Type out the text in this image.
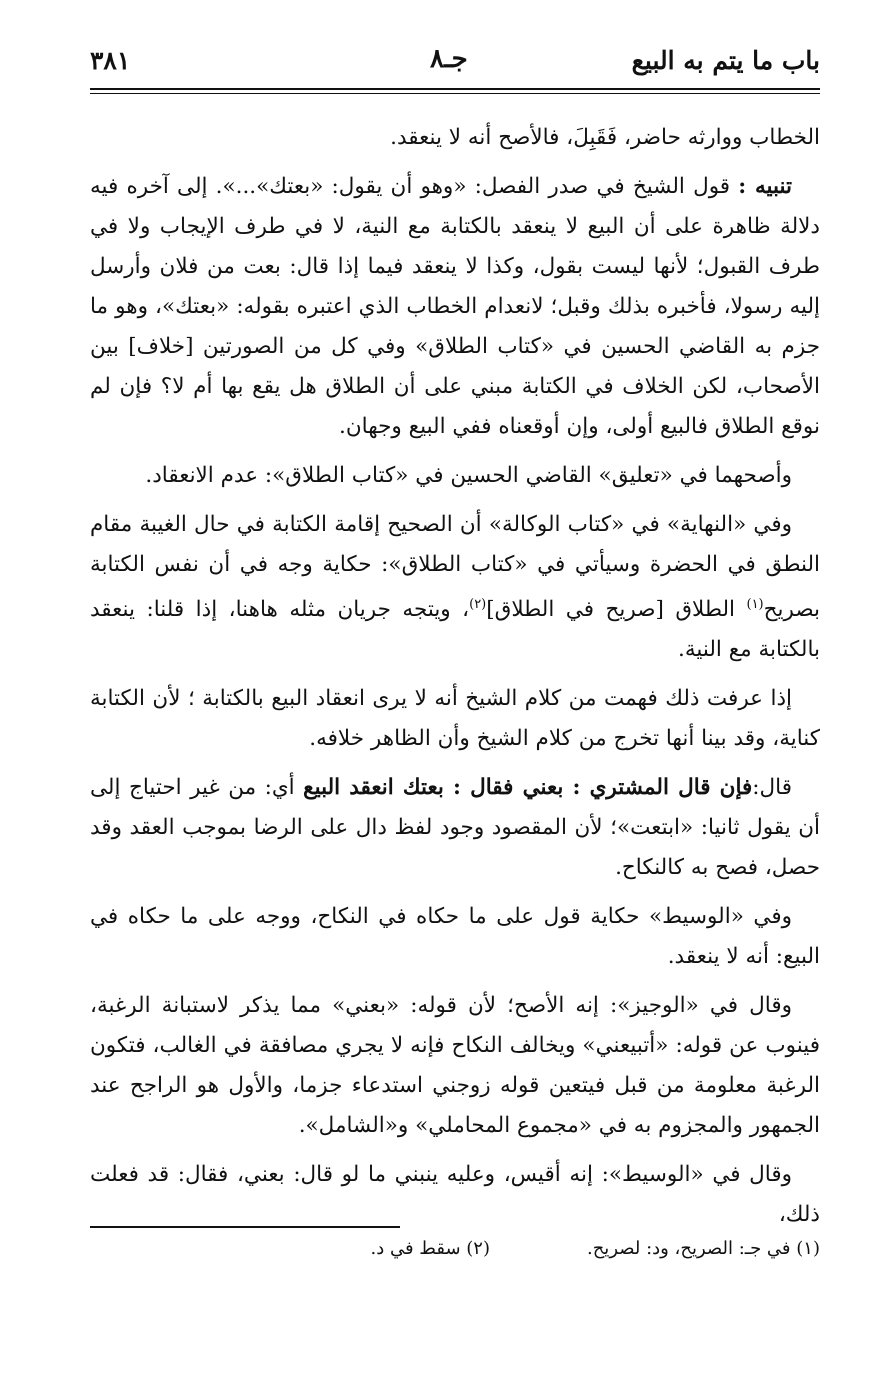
باب ما يتم به البيع
جـ٨
٣٨١

الخطاب ووارثه حاضر، فَقَبِلَ، فالأصح أنه لا ينعقد.

تنبيه : قول الشيخ في صدر الفصل: «وهو أن يقول: «بعتك»...». إلى آخره فيه دلالة ظاهرة على أن البيع لا ينعقد بالكتابة مع النية، لا في طرف الإيجاب ولا في طرف القبول؛ لأنها ليست بقول، وكذا لا ينعقد فيما إذا قال: بعت من فلان وأرسل إليه رسولا، فأخبره بذلك وقبل؛ لانعدام الخطاب الذي اعتبره بقوله: «بعتك»، وهو ما جزم به القاضي الحسين في «كتاب الطلاق» وفي كل من الصورتين [خلاف] بين الأصحاب، لكن الخلاف في الكتابة مبني على أن الطلاق هل يقع بها أم لا؟ فإن لم نوقع الطلاق فالبيع أولى، وإن أوقعناه ففي البيع وجهان.

وأصحهما في «تعليق» القاضي الحسين في «كتاب الطلاق»: عدم الانعقاد.

وفي «النهاية» في «كتاب الوكالة» أن الصحيح إقامة الكتابة في حال الغيبة مقام النطق في الحضرة وسيأتي في «كتاب الطلاق»: حكاية وجه في أن نفس الكتابة بصريح$^{(١)}$ الطلاق [صريح في الطلاق]$^{(٢)}$، ويتجه جريان مثله هاهنا، إذا قلنا: ينعقد بالكتابة مع النية.

إذا عرفت ذلك فهمت من كلام الشيخ أنه لا يرى انعقاد البيع بالكتابة ؛ لأن الكتابة كناية، وقد بينا أنها تخرج من كلام الشيخ وأن الظاهر خلافه.

قال:فإن قال المشتري : بعني فقال : بعتك انعقد البيع أي: من غير احتياج إلى أن يقول ثانيا: «ابتعت»؛ لأن المقصود وجود لفظ دال على الرضا بموجب العقد وقد حصل، فصح به كالنكاح.

وفي «الوسيط» حكاية قول على ما حكاه في النكاح، ووجه على ما حكاه في البيع: أنه لا ينعقد.

وقال في «الوجيز»: إنه الأصح؛ لأن قوله: «بعني» مما يذكر لاستبانة الرغبة، فينوب عن قوله: «أتبيعني» ويخالف النكاح فإنه لا يجري مصافقة في الغالب، فتكون الرغبة معلومة من قبل فيتعين قوله زوجني استدعاء جزما، والأول هو الراجح عند الجمهور والمجزوم به في «مجموع المحاملي» و«الشامل».

وقال في «الوسيط»: إنه أقيس، وعليه ينبني ما لو قال: بعني، فقال: قد فعلت ذلك،

(١) في جـ: الصريح، ود: لصريح.
(٢) سقط في د.
